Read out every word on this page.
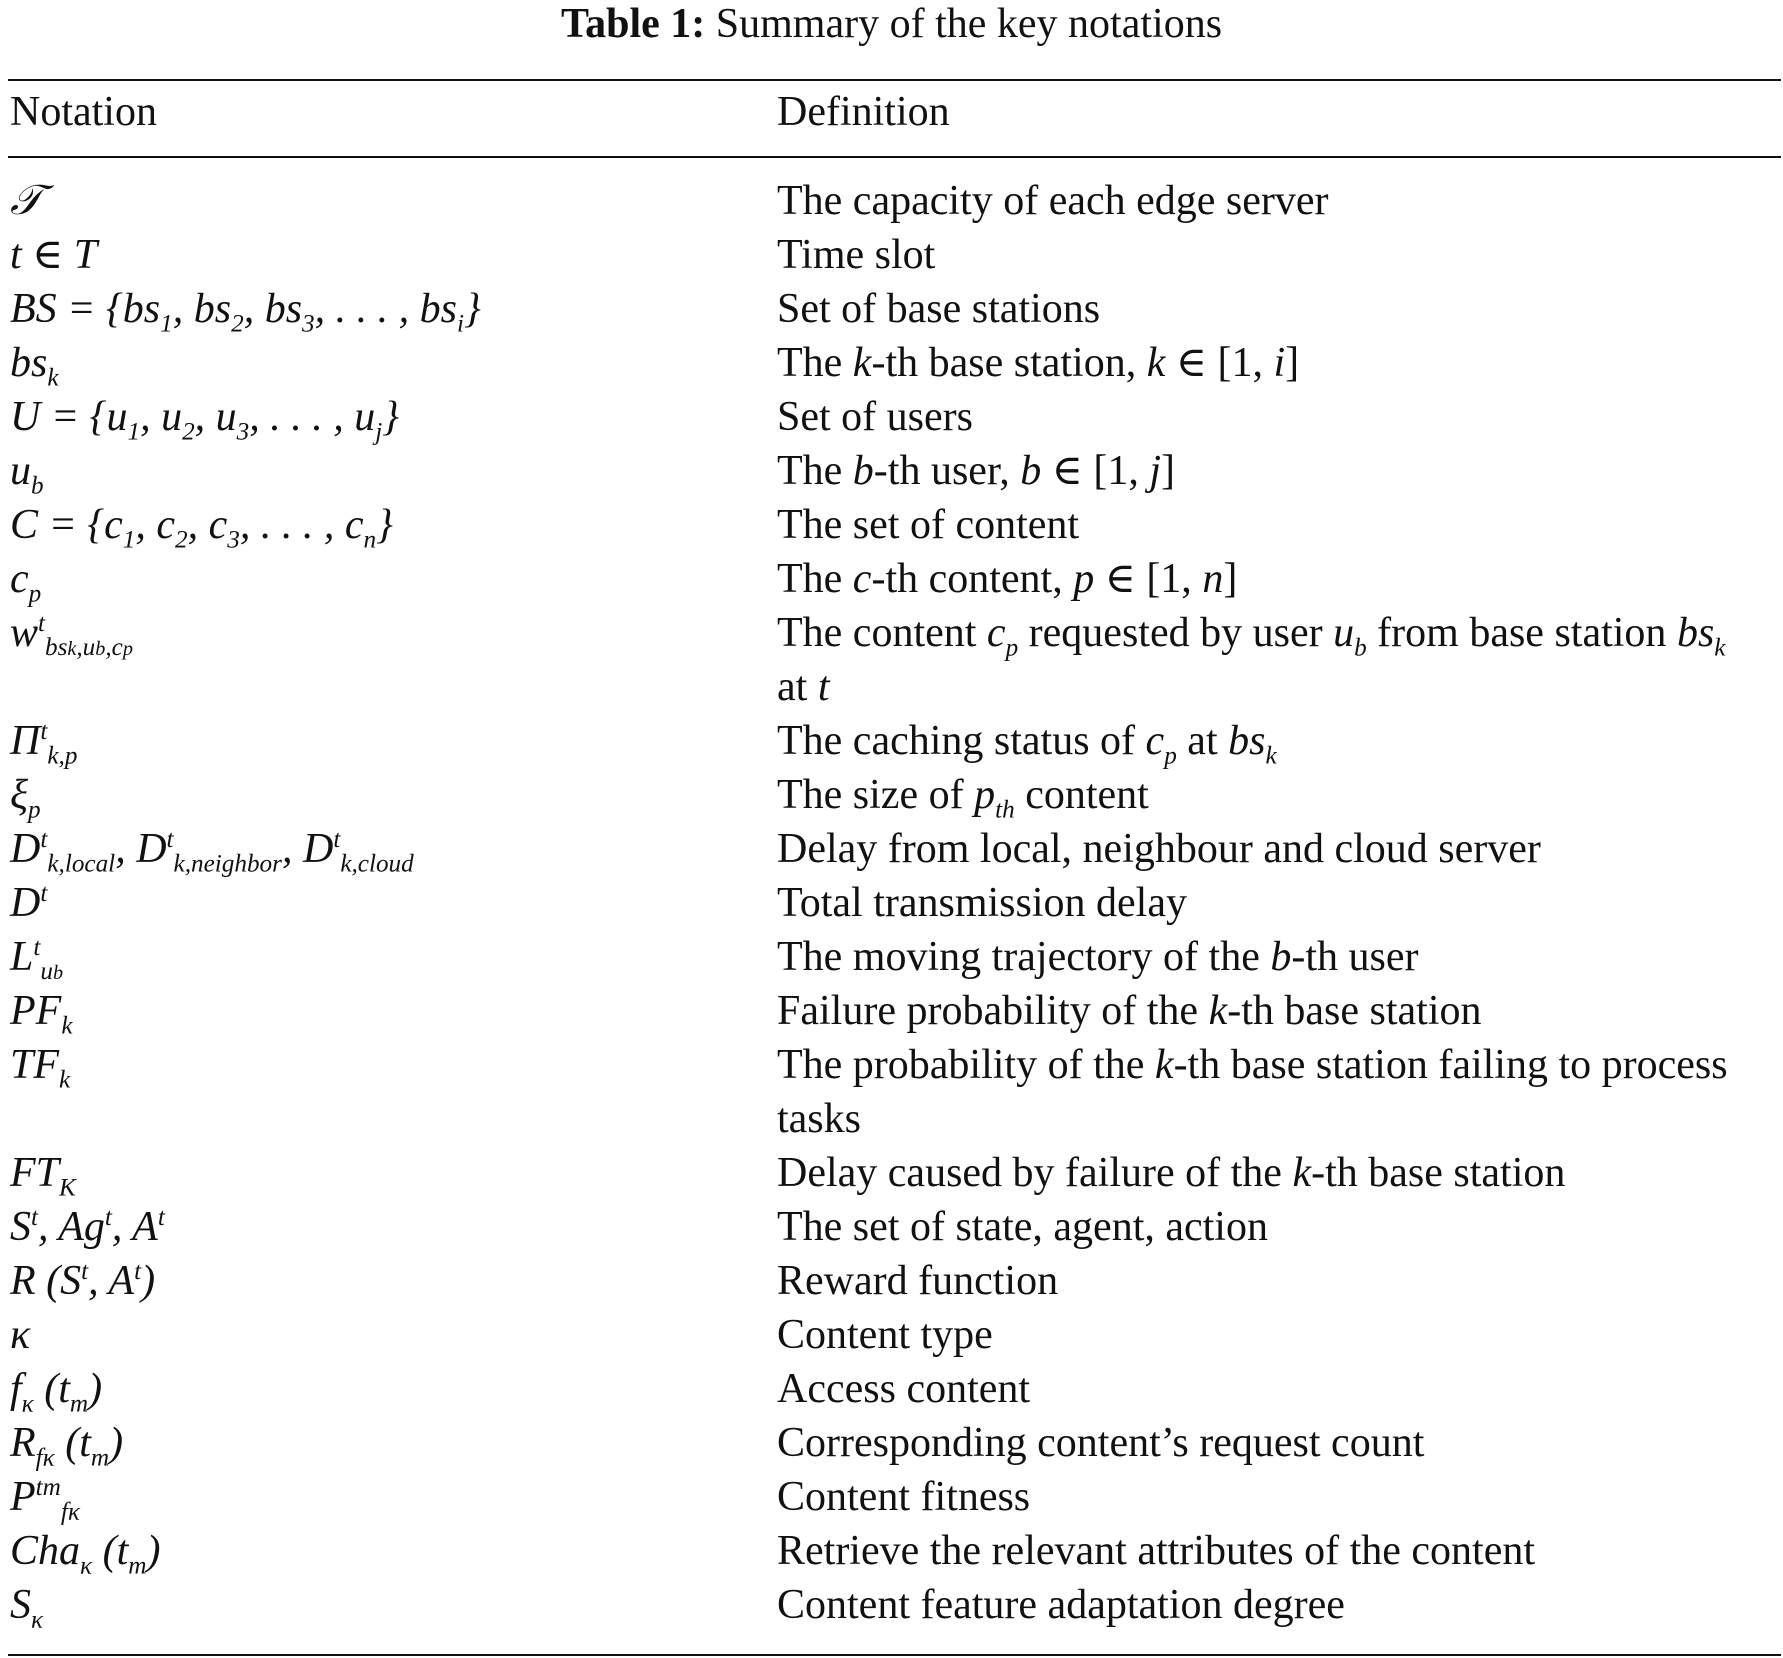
Table 1: Summary of the key notations
Notation	Definition
𝒯	The capacity of each edge server
t ∈ T	Time slot
BS = {$bs_1$, $bs_2$, $bs_3$, . . . , $bs_i$}	Set of base stations
$bs_k$	The k-th base station, k ∈ [1, i]
$U = \{u_1$, $u_2$, $u_3$, . . . , $u_j$}	Set of users
$u_b$	The b-th user, b ∈ [1, j]
$C = \{c_1$, $c_2$, $c_3$, . . . , $c_n$}	The set of content
$c_p$	The c-th content, p ∈ [1, n]
$w^t_{bsk,ub,cp}$	The content $c_p$ requested by user $u_b$ from base station $bs_k$ at t
$\Pi^t_{k,p}$	The caching status of $c_p$ at $bs_k$
$\xi_p$	The size of $p_{th}$ content
$D^t_{k,local}$, $D^t_{k,neighbor}$, $D^t_{k,cloud}$	Delay from local, neighbour and cloud server
$D^t$	Total transmission delay
$L^t_{ub}$	The moving trajectory of the b-th user
$PF_k$	Failure probability of the k-th base station
$TF_k$	The probability of the k-th base station failing to process tasks
$FT_K$	Delay caused by failure of the k-th base station
$S^t$, Ag$^t$, $A^t$	The set of state, agent, action
R ($S^t$, $A^t$)	Reward function
κ	Content type
$f_\kappa$ $(t_m)$	Access content
$R_{f\kappa}$ $(t_m)$	Corresponding content’s request count
$P^{tm}_{f\kappa}$	Content fitness
Cha$_\kappa$ $(t_m)$	Retrieve the relevant attributes of the content
$S_\kappa$	Content feature adaptation degree
